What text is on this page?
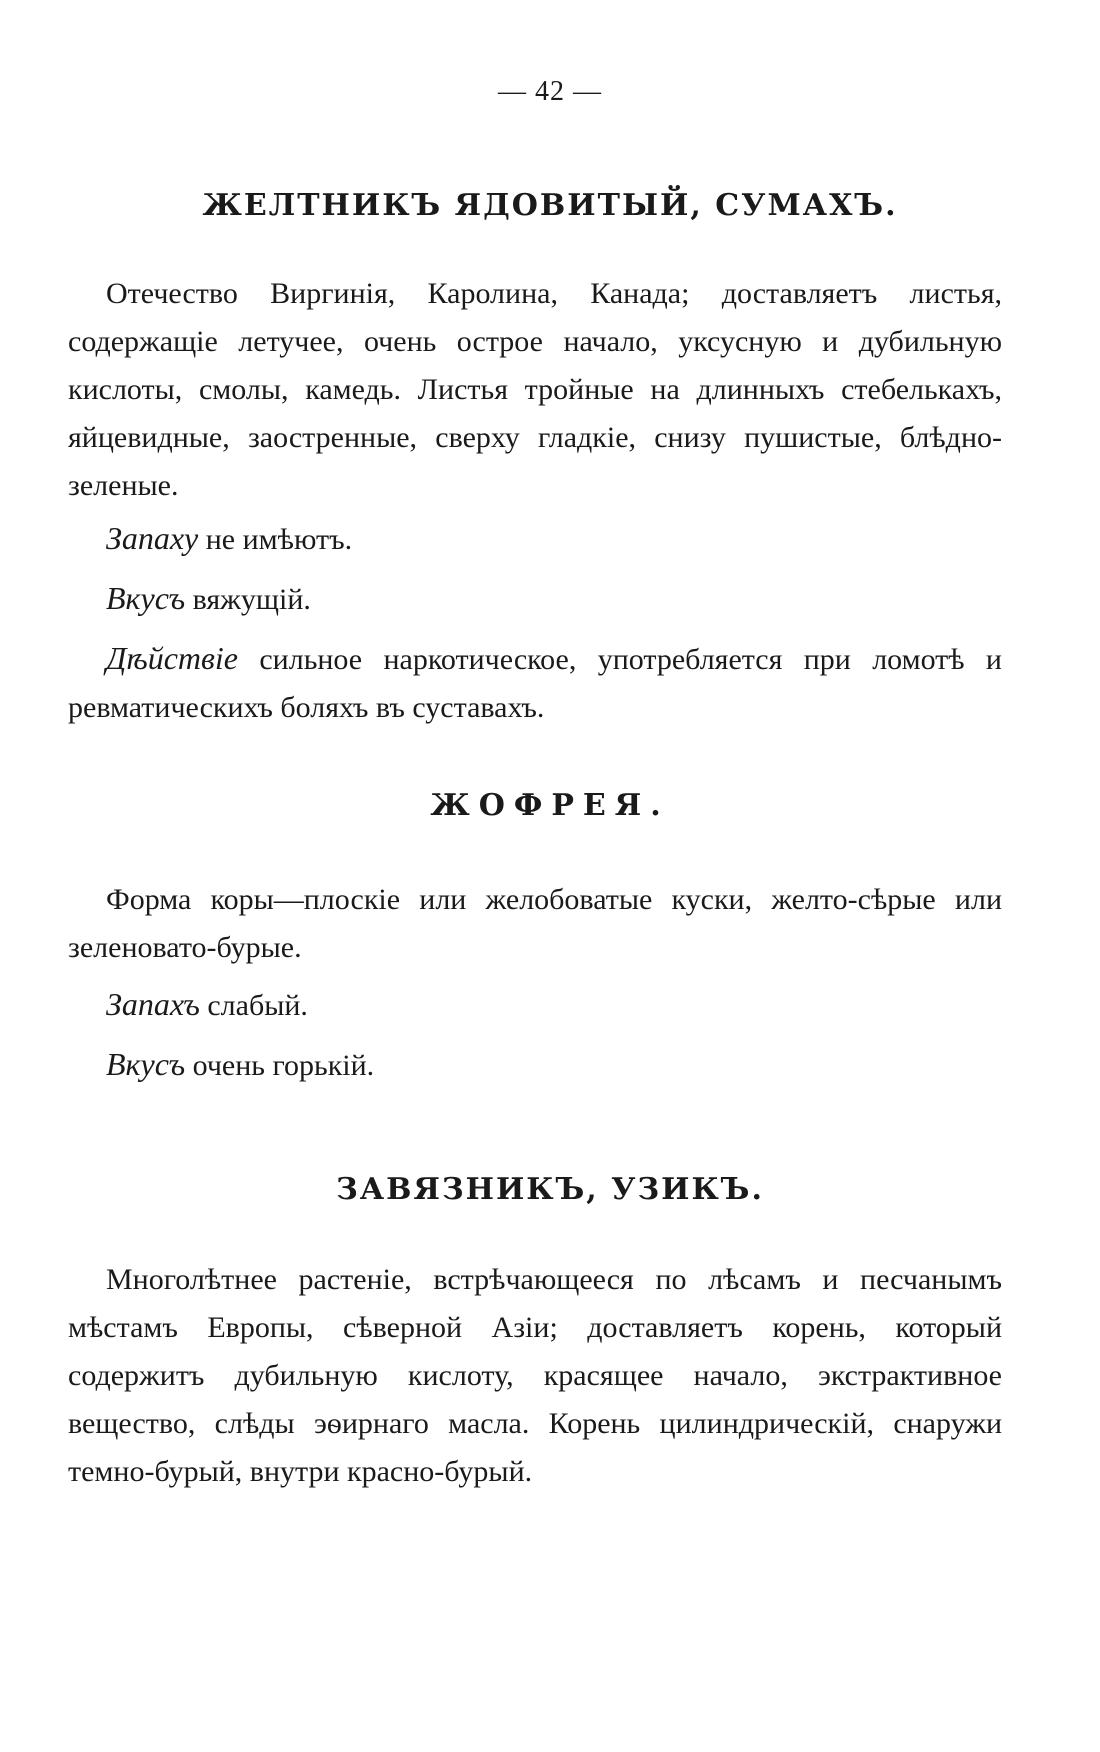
— 42 —
ЖЕЛТНИКЪ ЯДОВИТЫЙ, СУМАХЪ.

Отечество Виргинія, Каролина, Канада; доставляетъ листья, содержащіе летучее, очень острое начало, уксусную и дубильную кислоты, смолы, камедь. Листья тройные на длинныхъ стебелькахъ, яйцевидные, заостренные, сверху гладкіе, снизу пушистые, блѣдно-зеленые.

Запаху не имѣютъ.

Вкусъ вяжущій.

Дѣйствіе сильное наркотическое, употребляется при ломотѣ и ревматическихъ боляхъ въ суставахъ.

ЖОФРЕЯ.

Форма коры—плоскіе или желобоватые куски, желто-сѣрые или зеленовато-бурые.

Запахъ слабый.

Вкусъ очень горькій.

ЗАВЯЗНИКЪ, УЗИКЪ.

Многолѣтнее растеніе, встрѣчающееся по лѣсамъ и песчанымъ мѣстамъ Европы, сѣверной Азіи; доставляетъ корень, который содержитъ дубильную кислоту, красящее начало, экстрактивное вещество, слѣды эѳирнаго масла. Корень цилиндрическій, снаружи темно-бурый, внутри красно-бурый.
